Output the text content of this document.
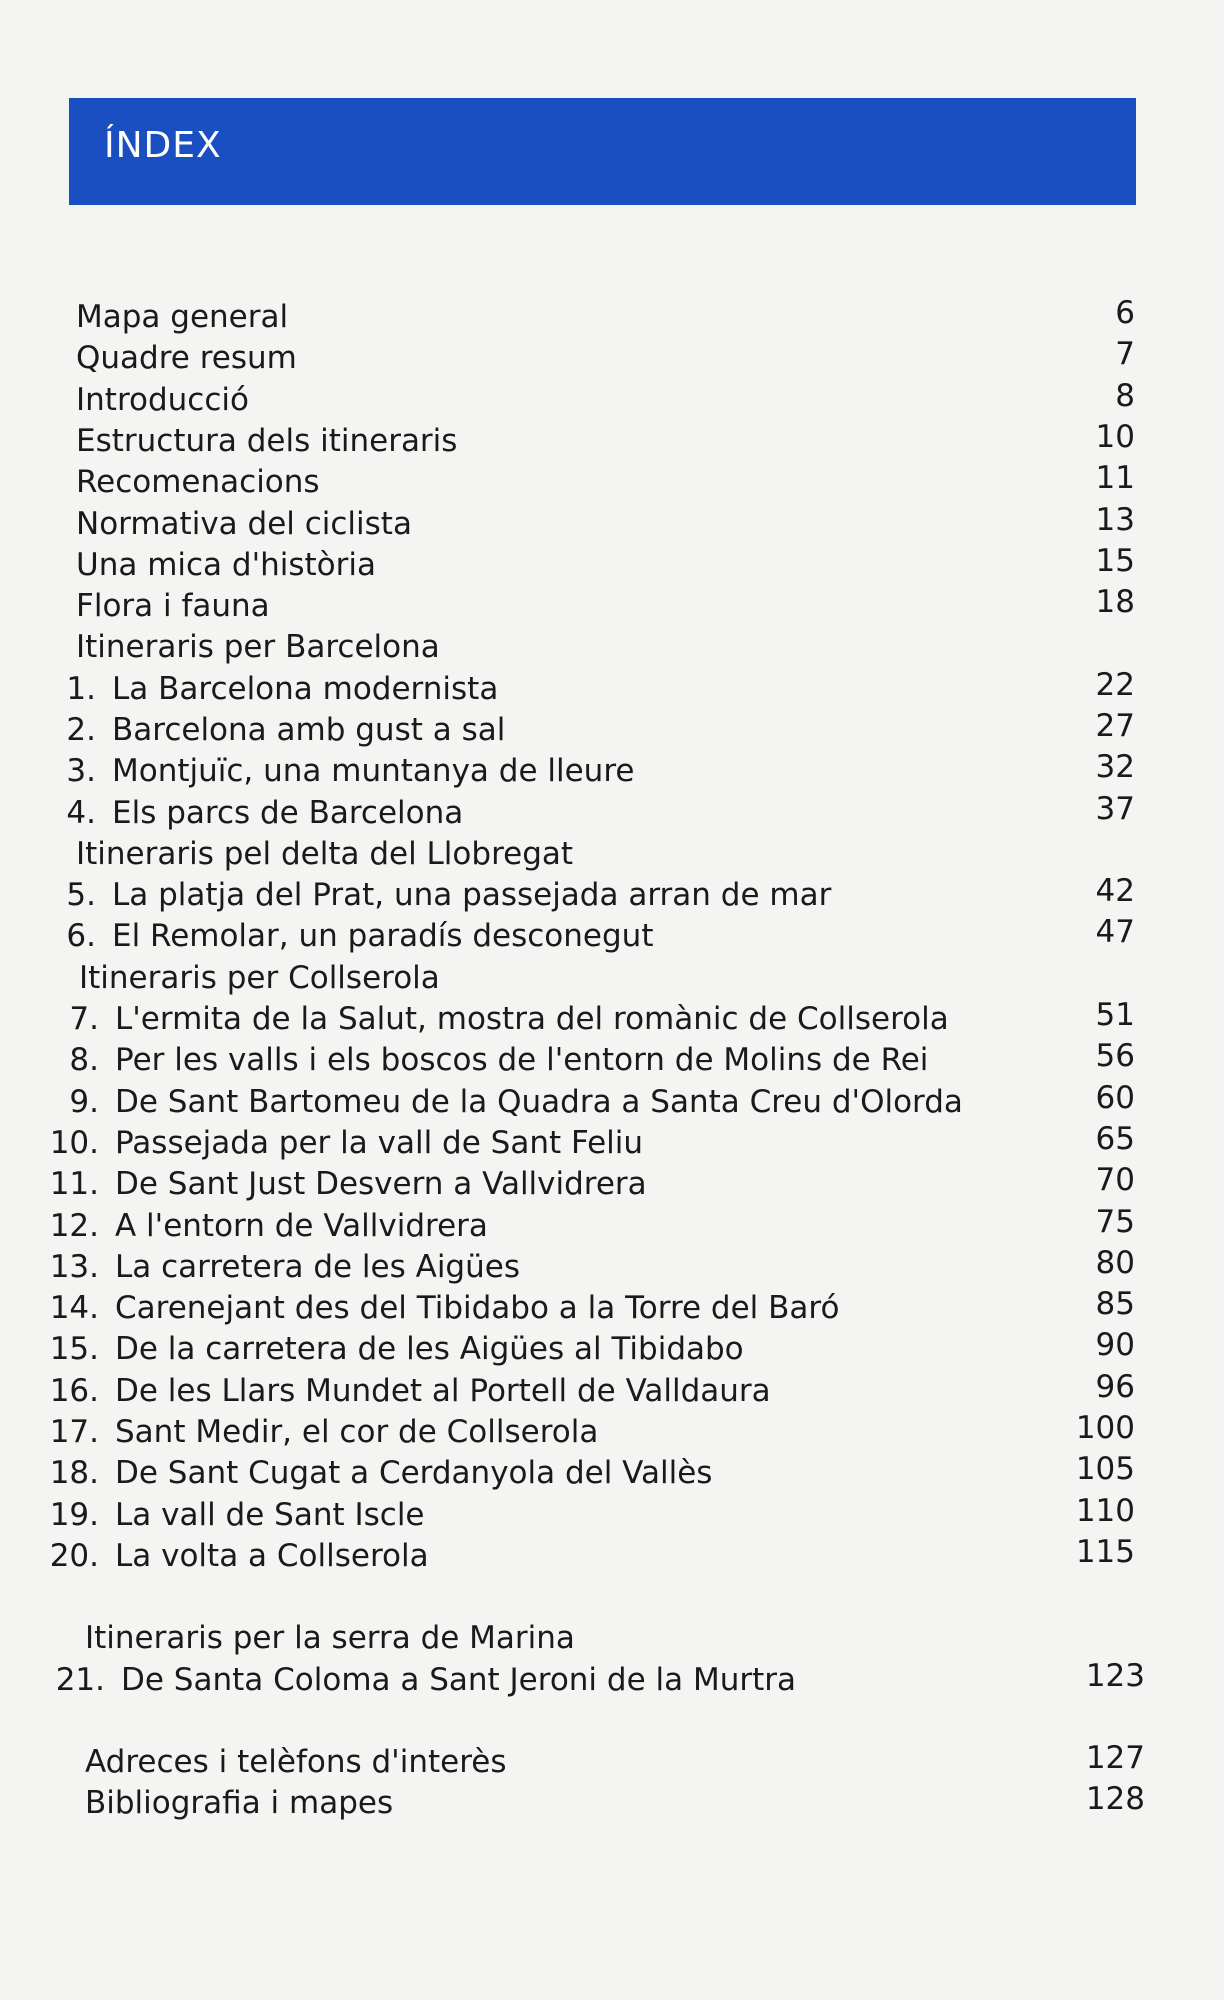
ÍNDEX
Mapa general	6
Quadre resum	7
Introducció	8
Estructura dels itineraris	10
Recomenacions	11
Normativa del ciclista	13
Una mica d'història	15
Flora i fauna	18
Itineraris per Barcelona
1. La Barcelona modernista	22
2. Barcelona amb gust a sal	27
3. Montjuïc, una muntanya de lleure	32
4. Els parcs de Barcelona	37
Itineraris pel delta del Llobregat
5. La platja del Prat, una passejada arran de mar	42
6. El Remolar, un paradís desconegut	47
Itineraris per Collserola
7. L'ermita de la Salut, mostra del romànic de Collserola	51
8. Per les valls i els boscos de l'entorn de Molins de Rei	56
9. De Sant Bartomeu de la Quadra a Santa Creu d'Olorda	60
10. Passejada per la vall de Sant Feliu	65
11. De Sant Just Desvern a Vallvidrera	70
12. A l'entorn de Vallvidrera	75
13. La carretera de les Aigües	80
14. Carenejant des del Tibidabo a la Torre del Baró	85
15. De la carretera de les Aigües al Tibidabo	90
16. De les Llars Mundet al Portell de Valldaura	96
17. Sant Medir, el cor de Collserola	100
18. De Sant Cugat a Cerdanyola del Vallès	105
19. La vall de Sant Iscle	110
20. La volta a Collserola	115
Itineraris per la serra de Marina
21. De Santa Coloma a Sant Jeroni de la Murtra	123
Adreces i telèfons d'interès	127
Bibliografia i mapes	128
